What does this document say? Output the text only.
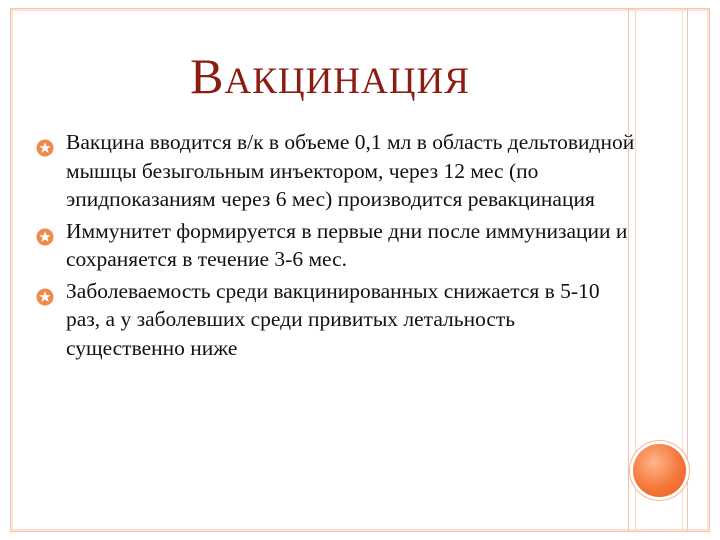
ВАКЦИНАЦИЯ
Вакцина вводится в/к в объеме 0,1 мл в область дельтовидной мышцы безыгольным инъектором, через 12 мес (по эпидпоказаниям через 6 мес) производится ревакцинация
Иммунитет формируется в первые дни после иммунизации и сохраняется в течение 3-6 мес.
Заболеваемость среди вакцинированных снижается в 5-10 раз, а у заболевших среди привитых летальность существенно ниже
